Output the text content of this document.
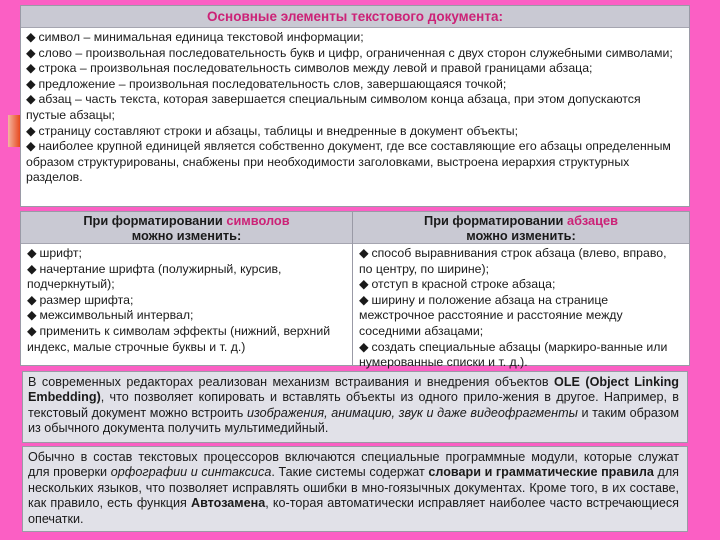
Основные элементы текстового документа:

◆ символ – минимальная единица текстовой информации;

◆ слово – произвольная последовательность букв и цифр, ограниченная с двух сторон служебными символами;

◆ строка – произвольная последовательность символов между левой и правой границами абзаца;

◆ предложение – произвольная последовательность слов, завершающаяся точкой;

◆ абзац – часть текста, которая завершается специальным символом конца абзаца, при этом допускаются пустые абзацы;

◆ страницу составляют строки и абзацы, таблицы и внедренные в документ объекты;

◆ наиболее крупной единицей является собственно документ, где все составляющие его абзацы определенным образом структурированы, снабжены при необходимости заголовками, выстроена иерархия структурных разделов.

При форматировании символов
можно изменить:

◆ шрифт;

◆ начертание шрифта (полужирный, курсив, подчеркнутый);

◆ размер шрифта;

◆ межсимвольный интервал;

◆ применить к символам эффекты (нижний, верхний индекс, малые строчные буквы и т. д.)

При форматировании абзацев
можно изменить:

◆ способ выравнивания строк абзаца (влево, вправо, по центру, по ширине);

◆ отступ в красной строке абзаца;

◆ ширину и положение абзаца на странице межстрочное расстояние и расстояние между соседними абзацами;

◆ создать специальные абзацы (маркиро-ванные или нумерованные списки и т. д.).

В современных редакторах реализован механизм встраивания и внедрения объектов OLE (Object Linking Embedding), что позволяет копировать и вставлять объекты из одного прило-жения в другое. Например, в текстовый документ можно встроить изображения, анимацию, звук и даже видеофрагменты и таким образом из обычного документа получить мультимедийный.

Обычно в состав текстовых процессоров включаются специальные программные модули, которые служат для проверки орфографии и синтаксиса. Такие системы содержат словари и грамматические правила для нескольких языков, что позволяет исправлять ошибки в мно-гоязычных документах. Кроме того, в их составе, как правило, есть функция Автозамена, ко-торая автоматически исправляет наиболее часто встречающиеся опечатки.
